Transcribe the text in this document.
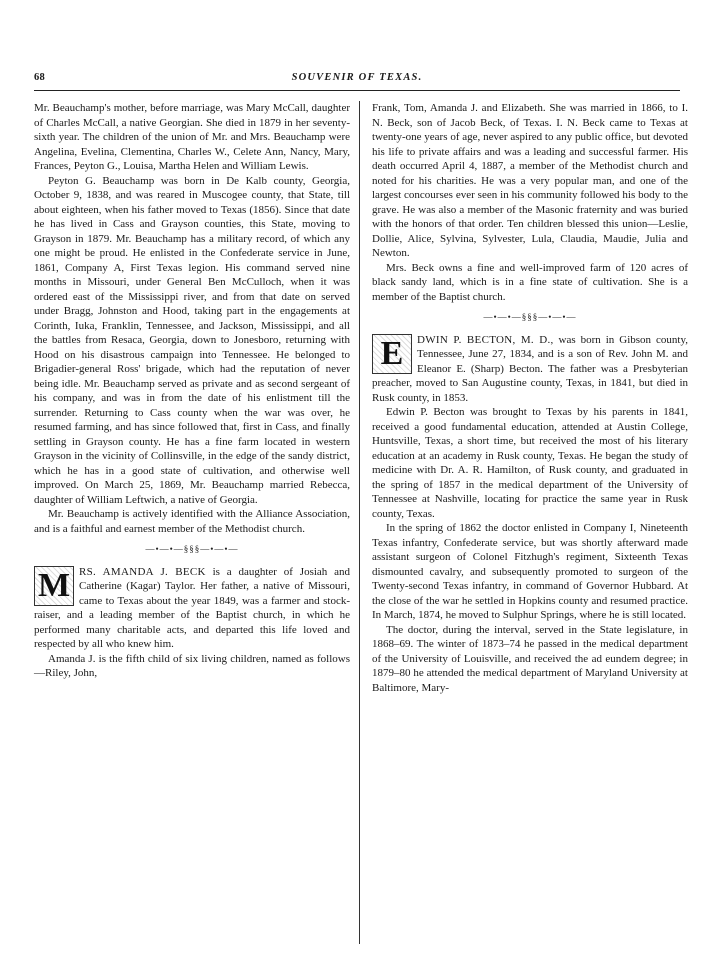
68	SOUVENIR OF TEXAS.

Mr. Beauchamp's mother, before marriage, was Mary McCall, daughter of Charles McCall, a native Georgian. She died in 1879 in her seventy-sixth year. The children of the union of Mr. and Mrs. Beauchamp were Angelina, Evelina, Clementina, Charles W., Celete Ann, Nancy, Mary, Frances, Peyton G., Louisa, Martha Helen and William Lewis.

Peyton G. Beauchamp was born in De Kalb county, Georgia, October 9, 1838, and was reared in Muscogee county, that State, till about eighteen, when his father moved to Texas (1856). Since that date he has lived in Cass and Grayson counties, this State, moving to Grayson in 1879. Mr. Beauchamp has a military record, of which any one might be proud. He enlisted in the Confederate service in June, 1861, Company A, First Texas legion. His command served nine months in Missouri, under General Ben McCulloch, when it was ordered east of the Mississippi river, and from that date on served under Bragg, Johnston and Hood, taking part in the engagements at Corinth, Iuka, Franklin, Tennessee, and Jackson, Mississippi, and all the battles from Resaca, Georgia, down to Jonesboro, returning with Hood on his disastrous campaign into Tennessee. He belonged to Brigadier-general Ross' brigade, which had the reputation of never being idle. Mr. Beauchamp served as private and as second sergeant of his company, and was in from the date of his enlistment till the surrender. Returning to Cass county when the war was over, he resumed farming, and has since followed that, first in Cass, and finally settling in Grayson county. He has a fine farm located in western Grayson in the vicinity of Collinsville, in the edge of the sandy district, which he has in a good state of cultivation, and otherwise well improved. On March 25, 1869, Mr. Beauchamp married Rebecca, daughter of William Leftwich, a native of Georgia.

Mr. Beauchamp is actively identified with the Alliance Association, and is a faithful and earnest member of the Methodist church.

—•—•—§§§—•—•—

M RS. AMANDA J. BECK is a daughter of Josiah and Catherine (Kagar) Taylor. Her father, a native of Missouri, came to Texas about the year 1849, was a farmer and stock-raiser, and a leading member of the Baptist church, in which he performed many charitable acts, and departed this life loved and respected by all who knew him.

Amanda J. is the fifth child of six living children, named as follows—Riley, John,

Frank, Tom, Amanda J. and Elizabeth. She was married in 1866, to I. N. Beck, son of Jacob Beck, of Texas. I. N. Beck came to Texas at twenty-one years of age, never aspired to any public office, but devoted his life to private affairs and was a leading and successful farmer. His death occurred April 4, 1887, a member of the Methodist church and noted for his charities. He was a very popular man, and one of the largest concourses ever seen in his community followed his body to the grave. He was also a member of the Masonic fraternity and was buried with the honors of that order. Ten children blessed this union—Leslie, Dollie, Alice, Sylvina, Sylvester, Lula, Claudia, Maudie, Julia and Newton.

Mrs. Beck owns a fine and well-improved farm of 120 acres of black sandy land, which is in a fine state of cultivation. She is a member of the Baptist church.

—•—•—§§§—•—•—

E	DWIN P. BECTON, M. D., was born in Gibson county, Tennessee, June 27, 1834, and is a son of Rev. John M. and Eleanor E. (Sharp) Becton. The father was a Presbyterian preacher, moved to San Augustine county, Texas, in 1841, but died in Rusk county, in 1853.

Edwin P. Becton was brought to Texas by his parents in 1841, received a good fundamental education, attended at Austin College, Huntsville, Texas, a short time, but received the most of his literary education at an academy in Rusk county, Texas. He began the study of medicine with Dr. A. R. Hamilton, of Rusk county, and graduated in the spring of 1857 in the medical department of the University of Tennessee at Nashville, locating for practice the same year in Rusk county, Texas.

In the spring of 1862 the doctor enlisted in Company I, Nineteenth Texas infantry, Confederate service, but was shortly afterward made assistant surgeon of Colonel Fitzhugh's regiment, Sixteenth Texas dismounted cavalry, and subsequently promoted to surgeon of the Twenty-second Texas infantry, in command of Governor Hubbard. At the close of the war he settled in Hopkins county and resumed practice. In March, 1874, he moved to Sulphur Springs, where he is still located.

The doctor, during the interval, served in the State legislature, in 1868–69. The winter of 1873–74 he passed in the medical department of the University of Louisville, and received the ad eundem degree; in 1879–80 he attended the medical department of Maryland University at Baltimore, Mary-
